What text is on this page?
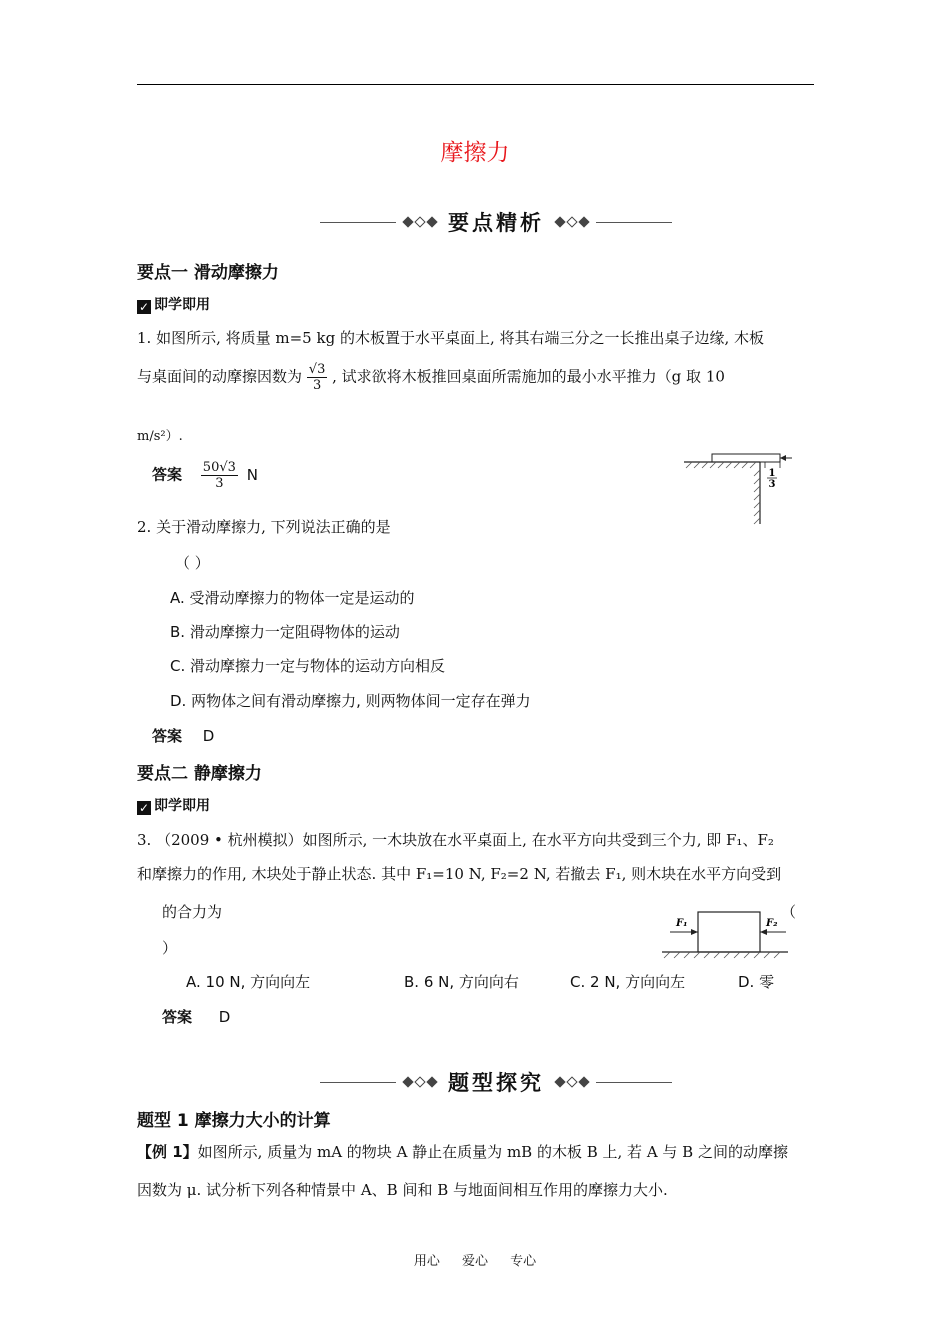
摩擦力
要点精析
要点一 滑动摩擦力
✓ 即学即用
1. 如图所示, 将质量 m=5 kg 的木板置于水平桌面上, 将其右端三分之一长推出桌子边缘, 木板
与桌面间的动摩擦因数为 $\frac{√3}{3}$ , 试求欲将木板推回桌面所需施加的最小水平推力（g 取 10
m/s²）.
答案 $\frac{50√3}{3}$ N	1
3
2. 关于滑动摩擦力, 下列说法正确的是
（ ）
A. 受滑动摩擦力的物体一定是运动的
B. 滑动摩擦力一定阻碍物体的运动
C. 滑动摩擦力一定与物体的运动方向相反
D. 两物体之间有滑动摩擦力, 则两物体间一定存在弹力
答案 D
要点二 静摩擦力
✓ 即学即用
3. （2009 • 杭州模拟）如图所示, 一木块放在水平桌面上, 在水平方向共受到三个力, 即 F₁、F₂
和摩擦力的作用, 木块处于静止状态. 其中 F₁=10 N, F₂=2 N, 若撤去 F₁, 则木块在水平方向受到
的合力为	（
）
F₁	F₂
A. 10 N, 方向向左	B. 6 N, 方向向右	C. 2 N, 方向向左	D. 零
答案 D
题型探究
题型 1 摩擦力大小的计算
【例 1】如图所示, 质量为 mA 的物块 A 静止在质量为 mB 的木板 B 上, 若 A 与 B 之间的动摩擦
因数为 μ. 试分析下列各种情景中 A、B 间和 B 与地面间相互作用的摩擦力大小.
用心 爱心 专心
